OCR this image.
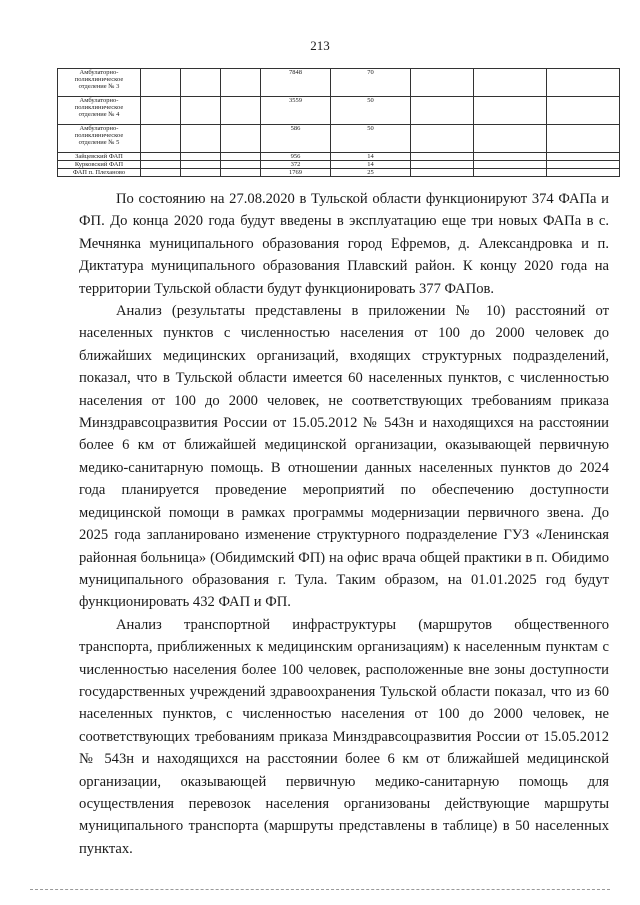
213
Амбулаторно-поликлиническое отделение № 3				7848	70			
Амбулаторно-поликлиническое отделение № 4				3559	50			
Амбулаторно-поликлиническое отделение № 5				586	50			
Зайцевский ФАП				956	14			
Курковский ФАП				372	14			
ФАП п. Плеханово				1769	25			

По состоянию на 27.08.2020 в Тульской области функционируют 374 ФАПа и ФП. До конца 2020 года будут введены в эксплуатацию еще три новых ФАПа в с. Мечнянка муниципального образования город Ефремов, д. Александровка и п. Диктатура муниципального образования Плавский район. К концу 2020 года на территории Тульской области будут функционировать 377 ФАПов.

Анализ (результаты представлены в приложении № 10) расстояний от населенных пунктов с численностью населения от 100 до 2000 человек до ближайших медицинских организаций, входящих структурных подразделений, показал, что в Тульской области имеется 60 населенных пунктов, с численностью населения от 100 до 2000 человек, не соответствующих требованиям приказа Минздравсоцразвития России от 15.05.2012 № 543н и находящихся на расстоянии более 6 км от ближайшей медицинской организации, оказывающей первичную медико-санитарную помощь. В отношении данных населенных пунктов до 2024 года планируется проведение мероприятий по обеспечению доступности медицинской помощи в рамках программы модернизации первичного звена. До 2025 года запланировано изменение структурного подразделение ГУЗ «Ленинская районная больница» (Обидимский ФП) на офис врача общей практики в п. Обидимо муниципального образования г. Тула. Таким образом, на 01.01.2025 год будут функционировать 432 ФАП и ФП.

Анализ транспортной инфраструктуры (маршрутов общественного транспорта, приближенных к медицинским организациям) к населенным пунктам с численностью населения более 100 человек, расположенные вне зоны доступности государственных учреждений здравоохранения Тульской области показал, что из 60 населенных пунктов, с численностью населения от 100 до 2000 человек, не соответствующих требованиям приказа Минздравсоцразвития России от 15.05.2012 № 543н и находящихся на расстоянии более 6 км от ближайшей медицинской организации, оказывающей первичную медико-санитарную помощь для осуществления перевозок населения организованы действующие маршруты муниципального транспорта (маршруты представлены в таблице) в 50 населенных пунктах.
